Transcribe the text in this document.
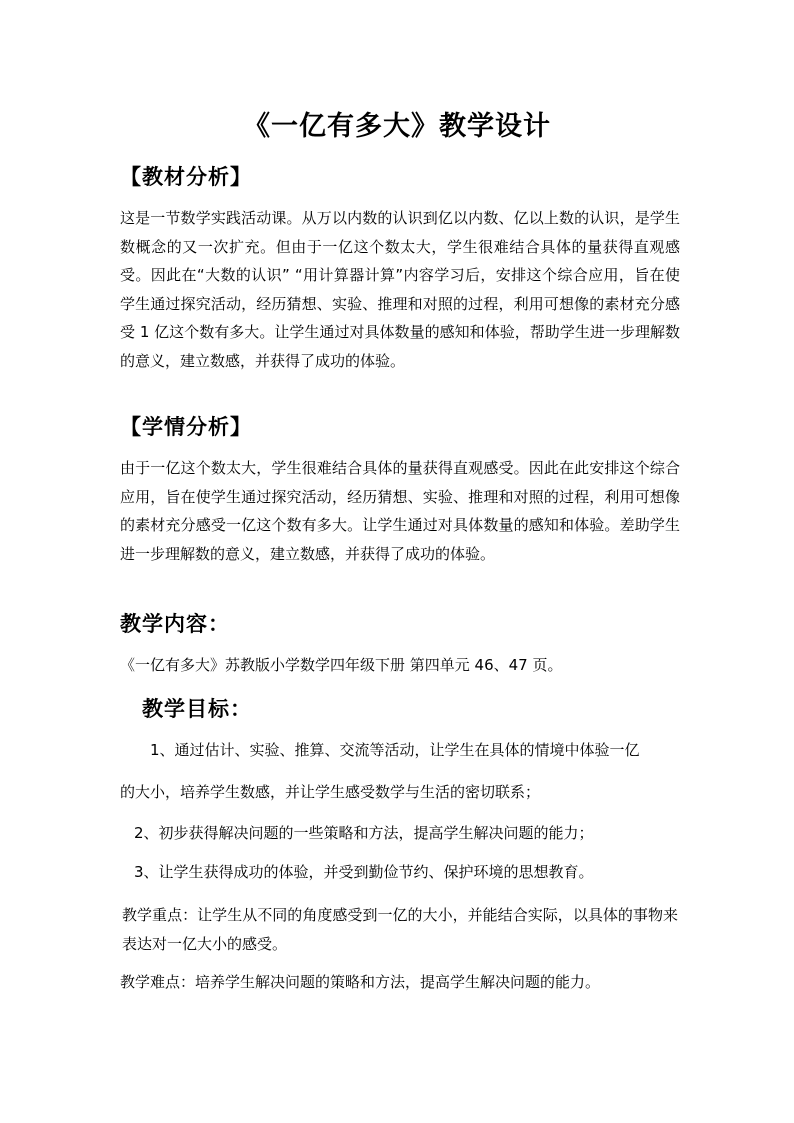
《一亿有多大》教学设计
【教材分析】
这是一节数学实践活动课。从万以内数的认识到亿以内数、亿以上数的认识，是学生数概念的又一次扩充。但由于一亿这个数太大，学生很难结合具体的量获得直观感受。因此在“大数的认识” “用计算器计算”内容学习后，安排这个综合应用，旨在使学生通过探究活动，经历猜想、实验、推理和对照的过程，利用可想像的素材充分感受 1 亿这个数有多大。让学生通过对具体数量的感知和体验，帮助学生进一步理解数的意义，建立数感，并获得了成功的体验。
【学情分析】
由于一亿这个数太大，学生很难结合具体的量获得直观感受。因此在此安排这个综合应用，旨在使学生通过探究活动，经历猜想、实验、推理和对照的过程，利用可想像的素材充分感受一亿这个数有多大。让学生通过对具体数量的感知和体验。差助学生进一步理解数的意义，建立数感，并获得了成功的体验。
教学内容：
《一亿有多大》苏教版小学数学四年级下册 第四单元 46、47 页。
教学目标：
1、通过估计、实验、推算、交流等活动，让学生在具体的情境中体验一亿
的大小，培养学生数感，并让学生感受数学与生活的密切联系；
2、初步获得解决问题的一些策略和方法，提高学生解决问题的能力；
3、让学生获得成功的体验，并受到勤俭节约、保护环境的思想教育。
教学重点：让学生从不同的角度感受到一亿的大小，并能结合实际，以具体的事物来表达对一亿大小的感受。
教学难点：培养学生解决问题的策略和方法，提高学生解决问题的能力。
